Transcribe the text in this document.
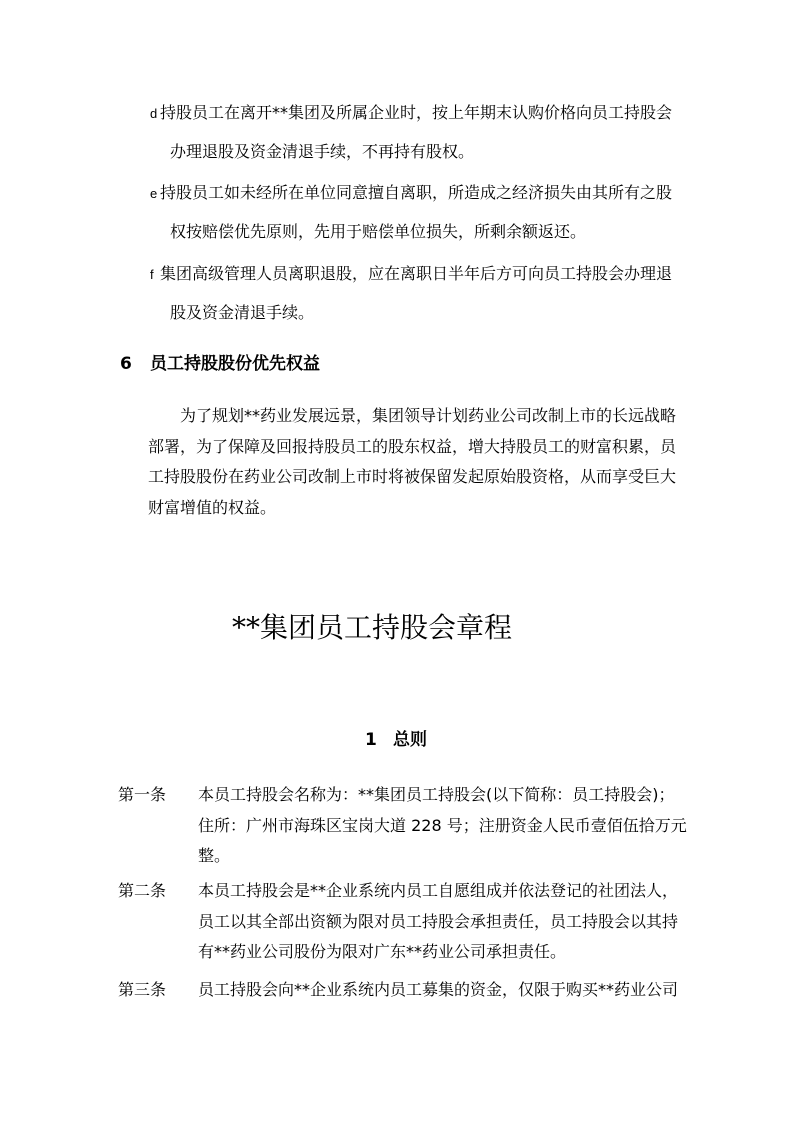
d 持股员工在离开**集团及所属企业时，按上年期末认购价格向员工持股会
办理退股及资金清退手续，不再持有股权。
e 持股员工如未经所在单位同意擅自离职，所造成之经济损失由其所有之股
权按赔偿优先原则，先用于赔偿单位损失，所剩余额返还。
f 集团高级管理人员离职退股，应在离职日半年后方可向员工持股会办理退
股及资金清退手续。
6 员工持股股份优先权益
为了规划**药业发展远景，集团领导计划药业公司改制上市的长远战略
部署，为了保障及回报持股员工的股东权益，增大持股员工的财富积累，员
工持股股份在药业公司改制上市时将被保留发起原始股资格，从而享受巨大
财富增值的权益。
**集团员工持股会章程
1 总则
第一条 本员工持股会名称为：**集团员工持股会(以下简称：员工持股会)；
住所：广州市海珠区宝岗大道 228 号；注册资金人民币壹佰伍拾万元
整。
第二条 本员工持股会是**企业系统内员工自愿组成并依法登记的社团法人，
员工以其全部出资额为限对员工持股会承担责任，员工持股会以其持
有**药业公司股份为限对广东**药业公司承担责任。
第三条 员工持股会向**企业系统内员工募集的资金，仅限于购买**药业公司
